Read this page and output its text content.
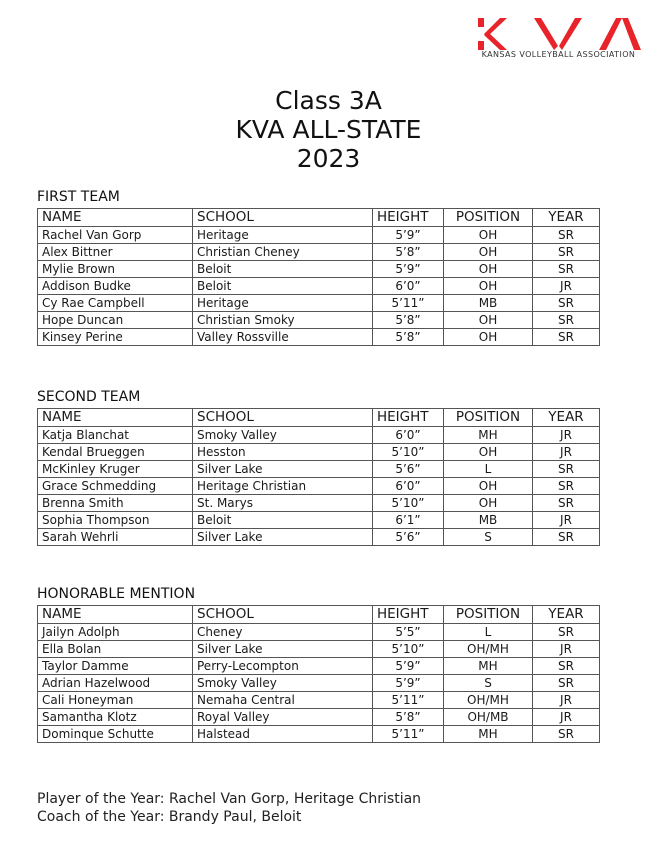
KANSAS VOLLEYBALL ASSOCIATION
Class 3A
KVA ALL-STATE
2023
FIRST TEAM
NAME	SCHOOL	HEIGHT	POSITION	YEAR
Rachel Van Gorp	Heritage	5’9”	OH	SR
Alex Bittner	Christian Cheney	5’8”	OH	SR
Mylie Brown	Beloit	5’9”	OH	SR
Addison Budke	Beloit	6’0”	OH	JR
Cy Rae Campbell	Heritage	5’11”	MB	SR
Hope Duncan	Christian Smoky	5’8”	OH	SR
Kinsey Perine	Valley Rossville	5’8”	OH	SR
SECOND TEAM
NAME	SCHOOL	HEIGHT	POSITION	YEAR
Katja Blanchat	Smoky Valley	6’0”	MH	JR
Kendal Brueggen	Hesston	5’10”	OH	JR
McKinley Kruger	Silver Lake	5’6”	L	SR
Grace Schmedding	Heritage Christian	6’0”	OH	SR
Brenna Smith	St. Marys	5’10”	OH	SR
Sophia Thompson	Beloit	6’1”	MB	JR
Sarah Wehrli	Silver Lake	5’6”	S	SR
HONORABLE MENTION
NAME	SCHOOL	HEIGHT	POSITION	YEAR
Jailyn Adolph	Cheney	5’5”	L	SR
Ella Bolan	Silver Lake	5’10”	OH/MH	JR
Taylor Damme	Perry-Lecompton	5’9”	MH	SR
Adrian Hazelwood	Smoky Valley	5’9”	S	SR
Cali Honeyman	Nemaha Central	5’11”	OH/MH	JR
Samantha Klotz	Royal Valley	5’8”	OH/MB	JR
Dominque Schutte	Halstead	5’11”	MH	SR
Player of the Year: Rachel Van Gorp, Heritage Christian
Coach of the Year: Brandy Paul, Beloit
